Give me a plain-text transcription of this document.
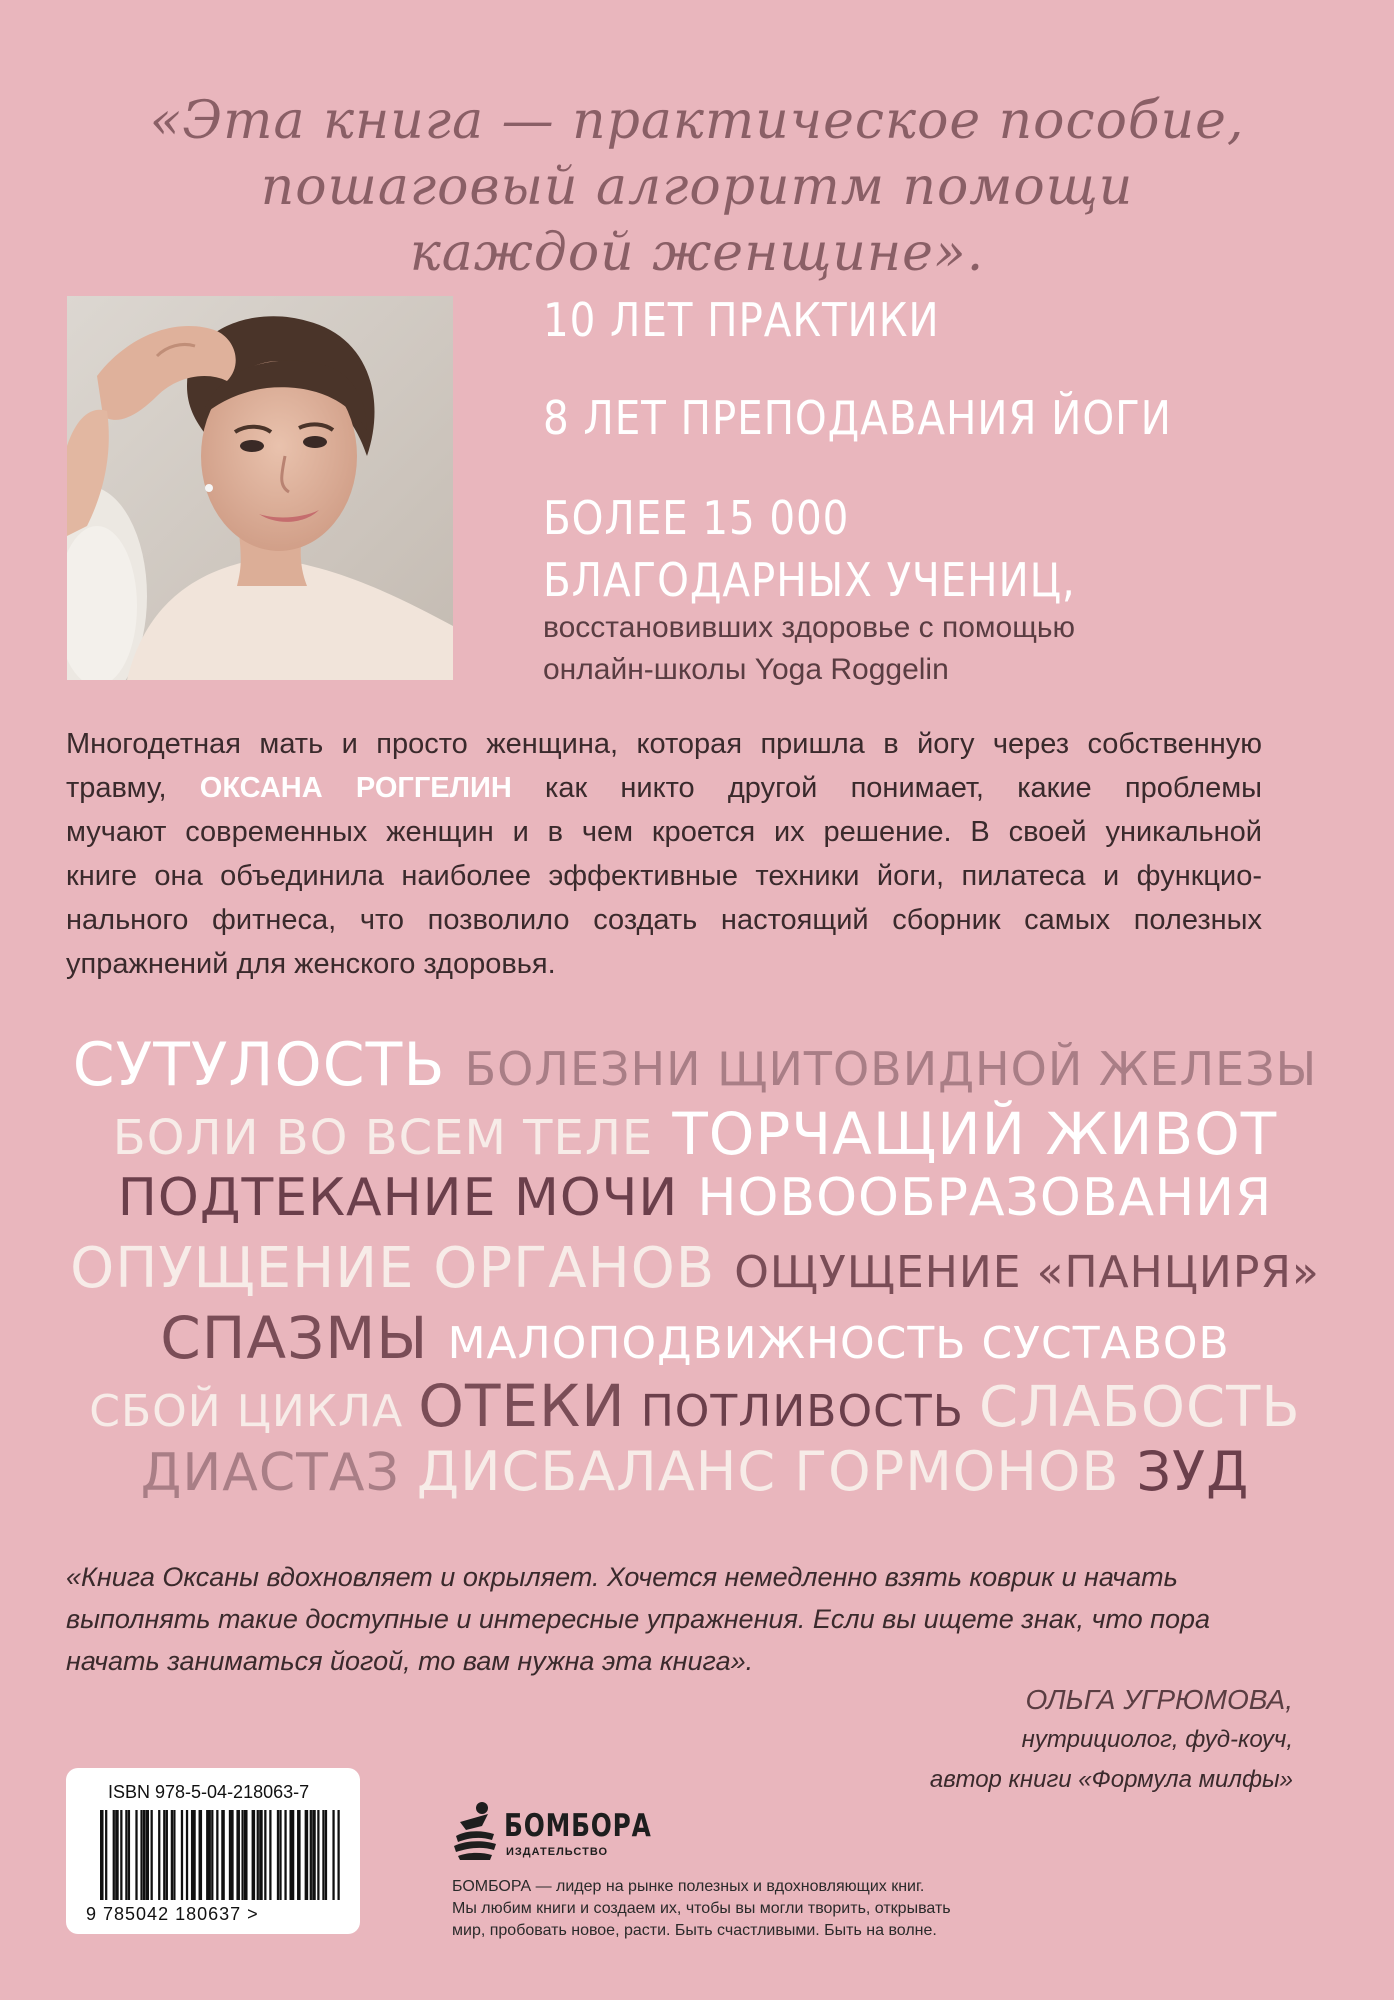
«Эта книга — практическое пособие,
пошаговый алгоритм помощи
каждой женщине».
10 ЛЕТ ПРАКТИКИ
8 ЛЕТ ПРЕПОДАВАНИЯ ЙОГИ
БОЛЕЕ 15 000
БЛАГОДАРНЫХ УЧЕНИЦ,
восстановивших здоровье с помощью
онлайн-школы Yoga Roggelin
Многодетная мать и просто женщина, которая пришла в йогу через собственную
травму, ОКСАНА РОГГЕЛИН как никто другой понимает, какие проблемы
мучают современных женщин и в чем кроется их решение. В своей уникальной
книге она объединила наиболее эффективные техники йоги, пилатеса и функцио-
нального фитнеса, что позволило создать настоящий сборник самых полезных
упражнений для женского здоровья.
СУТУЛОСТЬ БОЛЕЗНИ ЩИТОВИДНОЙ ЖЕЛЕЗЫ
БОЛИ ВО ВСЕМ ТЕЛЕ ТОРЧАЩИЙ ЖИВОТ
ПОДТЕКАНИЕ МОЧИ НОВООБРАЗОВАНИЯ
ОПУЩЕНИЕ ОРГАНОВ ОЩУЩЕНИЕ «ПАНЦИРЯ»
СПАЗМЫ МАЛОПОДВИЖНОСТЬ СУСТАВОВ
СБОЙ ЦИКЛА ОТЕКИ ПОТЛИВОСТЬ СЛАБОСТЬ
ДИАСТАЗ ДИСБАЛАНС ГОРМОНОВ ЗУД
«Книга Оксаны вдохновляет и окрыляет. Хочется немедленно взять коврик и начать
выполнять такие доступные и интересные упражнения. Если вы ищете знак, что пора
начать заниматься йогой, то вам нужна эта книга».
ОЛЬГА УГРЮМОВА,
нутрициолог, фуд-коуч,
автор книги «Формула милфы»
ISBN 978-5-04-218063-7
9 785042 180637 >
БОМБОРА
ИЗДАТЕЛЬСТВО
БОМБОРА — лидер на рынке полезных и вдохновляющих книг.
Мы любим книги и создаем их, чтобы вы могли творить, открывать
мир, пробовать новое, расти. Быть счастливыми. Быть на волне.
